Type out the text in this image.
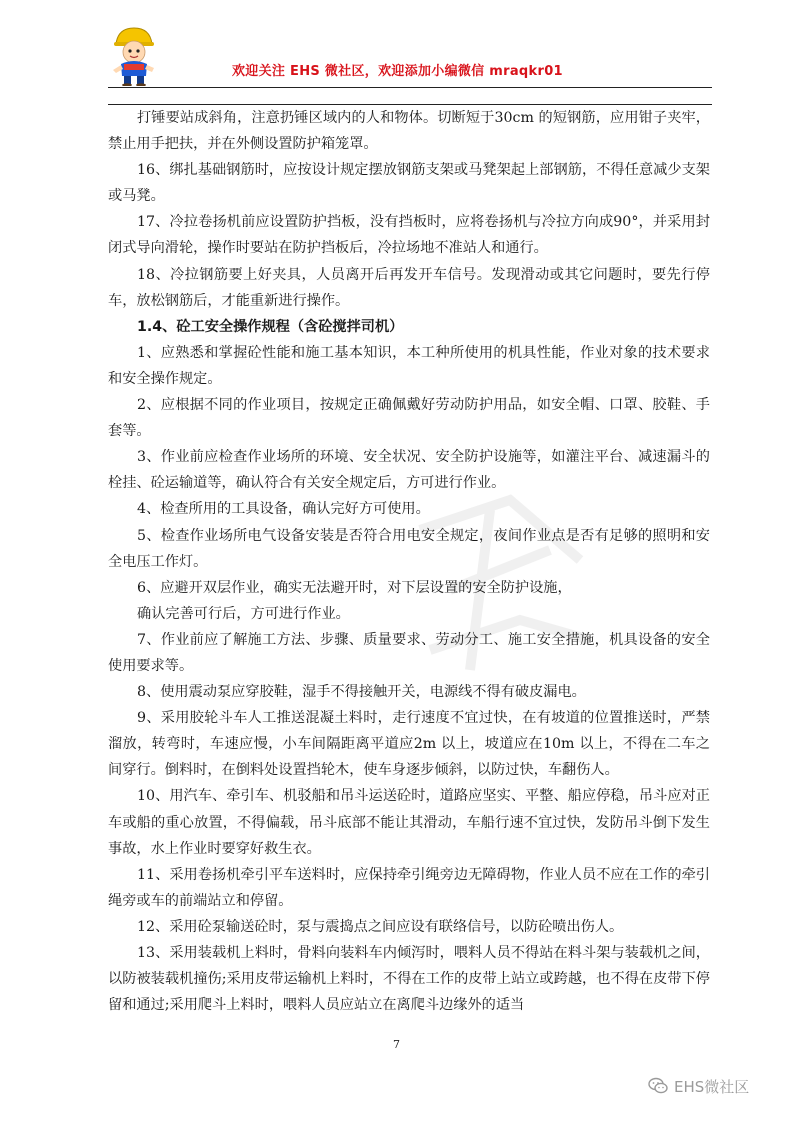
欢迎关注 EHS 微社区，欢迎添加小编微信 mraqkr01

打锤要站成斜角，注意扔锤区域内的人和物体。切断短于30cm 的短钢筋，应用钳子夹牢，禁止用手把扶，并在外侧设置防护箱笼罩。

16、绑扎基础钢筋时，应按设计规定摆放钢筋支架或马凳架起上部钢筋，不得任意减少支架或马凳。

17、冷拉卷扬机前应设置防护挡板，没有挡板时，应将卷扬机与冷拉方向成90°，并采用封闭式导向滑轮，操作时要站在防护挡板后，冷拉场地不准站人和通行。

18、冷拉钢筋要上好夹具，人员离开后再发开车信号。发现滑动或其它问题时，要先行停车，放松钢筋后，才能重新进行操作。

1.4、砼工安全操作规程（含砼搅拌司机）

1、应熟悉和掌握砼性能和施工基本知识，本工种所使用的机具性能，作业对象的技术要求和安全操作规定。

2、应根据不同的作业项目，按规定正确佩戴好劳动防护用品，如安全帽、口罩、胶鞋、手套等。

3、作业前应检查作业场所的环境、安全状况、安全防护设施等，如灌注平台、减速漏斗的栓挂、砼运输道等，确认符合有关安全规定后，方可进行作业。

4、检查所用的工具设备，确认完好方可使用。

5、检查作业场所电气设备安装是否符合用电安全规定，夜间作业点是否有足够的照明和安全电压工作灯。

6、应避开双层作业，确实无法避开时，对下层设置的安全防护设施，

确认完善可行后，方可进行作业。

7、作业前应了解施工方法、步骤、质量要求、劳动分工、施工安全措施，机具设备的安全使用要求等。

8、使用震动泵应穿胶鞋，湿手不得接触开关，电源线不得有破皮漏电。

9、采用胶轮斗车人工推送混凝土料时，走行速度不宜过快，在有坡道的位置推送时，严禁溜放，转弯时，车速应慢，小车间隔距离平道应2m 以上，坡道应在10m 以上，不得在二车之间穿行。倒料时，在倒料处设置挡轮木，使车身逐步倾斜，以防过快，车翻伤人。

10、用汽车、牵引车、机驳船和吊斗运送砼时，道路应坚实、平整、船应停稳，吊斗应对正车或船的重心放置，不得偏载，吊斗底部不能让其滑动，车船行速不宜过快，发防吊斗倒下发生事故，水上作业时要穿好救生衣。

11、采用卷扬机牵引平车送料时，应保持牵引绳旁边无障碍物，作业人员不应在工作的牵引绳旁或车的前端站立和停留。

12、采用砼泵输送砼时，泵与震捣点之间应设有联络信号，以防砼喷出伤人。

13、采用装载机上料时，骨料向装料车内倾泻时，喂料人员不得站在料斗架与装载机之间，以防被装载机撞伤;采用皮带运输机上料时，不得在工作的皮带上站立或跨越，也不得在皮带下停留和通过;采用爬斗上料时，喂料人员应站立在离爬斗边缘外的适当

7
EHS微社区
